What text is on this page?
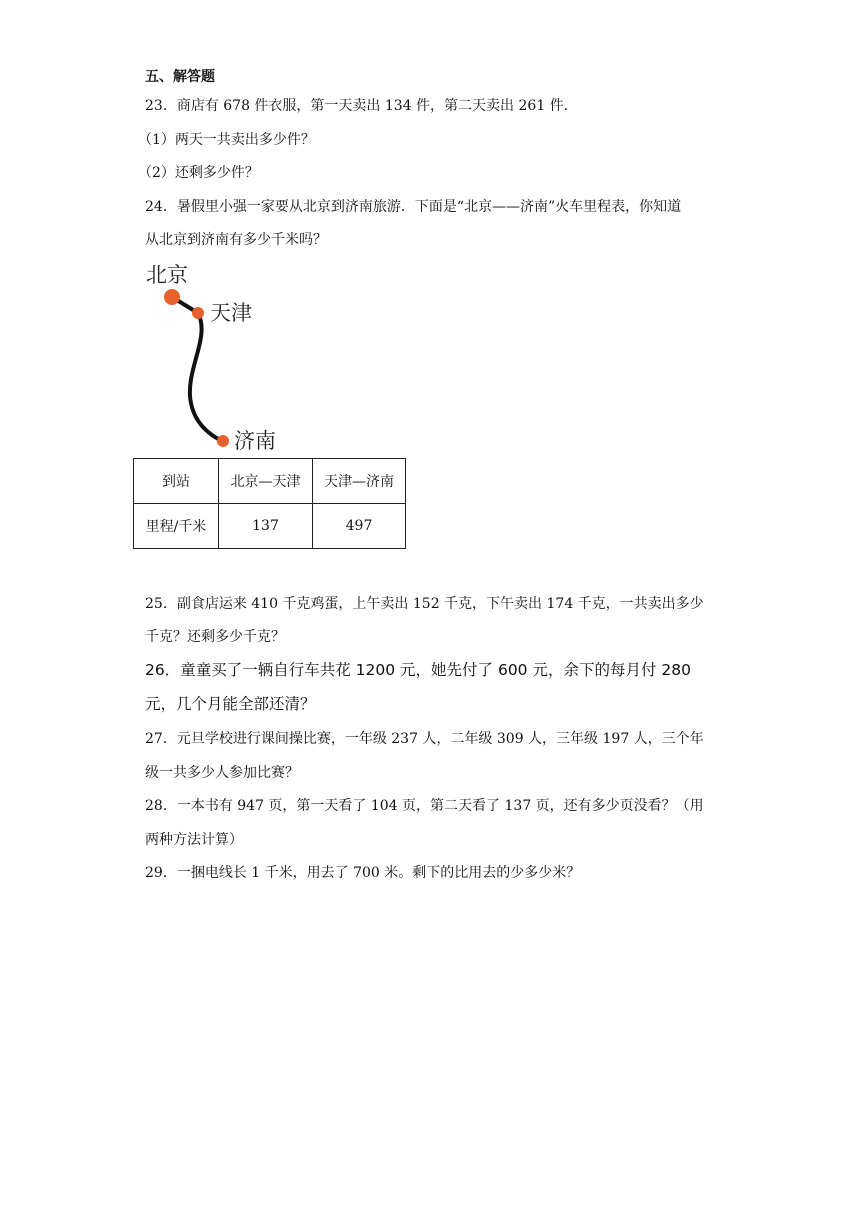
五、解答题
23．商店有 678 件衣服，第一天卖出 134 件，第二天卖出 261 件．
（1）两天一共卖出多少件？
（2）还剩多少件？
24．暑假里小强一家要从北京到济南旅游．下面是“北京——济南”火车里程表，你知道
从北京到济南有多少千米吗？
北京
天津
济南
到站	北京—天津	天津—济南
里程/千米	137	497
25．副食店运来 410 千克鸡蛋，上午卖出 152 千克，下午卖出 174 千克，一共卖出多少
千克？还剩多少千克？
26．童童买了一辆自行车共花 1200 元，她先付了 600 元，余下的每月付 280
元，几个月能全部还清？
27．元旦学校进行课间操比赛，一年级 237 人，二年级 309 人，三年级 197 人，三个年
级一共多少人参加比赛？
28．一本书有 947 页，第一天看了 104 页，第二天看了 137 页，还有多少页没看？（用
两种方法计算）
29．一捆电线长 1 千米，用去了 700 米。剩下的比用去的少多少米？
